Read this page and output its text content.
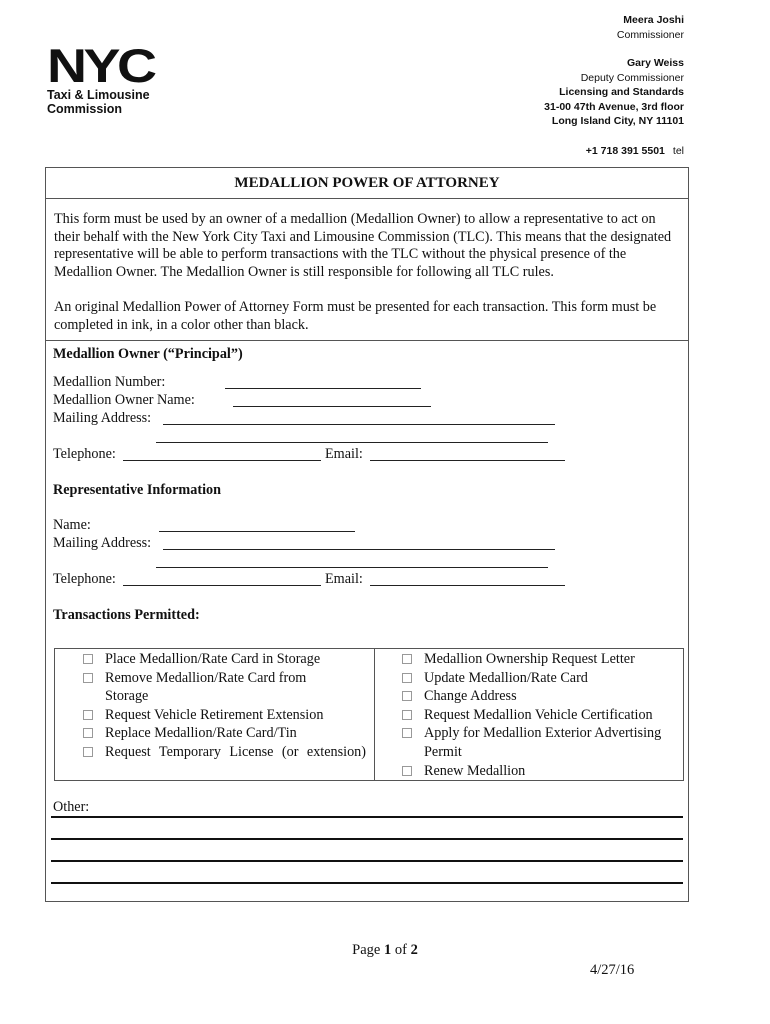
NYC
Taxi & Limousine
Commission
Meera Joshi
Commissioner
Gary Weiss
Deputy Commissioner
Licensing and Standards
31-00 47th Avenue, 3rd floor
Long Island City, NY 11101
+1 718 391 5501 tel
MEDALLION POWER OF ATTORNEY

This form must be used by an owner of a medallion (Medallion Owner) to allow a representative to act on their behalf with the New York City Taxi and Limousine Commission (TLC). This means that the designated representative will be able to perform transactions with the TLC without the physical presence of the Medallion Owner. The Medallion Owner is still responsible for following all TLC rules.

An original Medallion Power of Attorney Form must be presented for each transaction. This form must be completed in ink, in a color other than black.

Medallion Owner (“Principal”)
Medallion Number:
Medallion Owner Name:
Mailing Address:
Telephone:	Email:
Representative Information
Name:
Mailing Address:
Telephone:	Email:
Transactions Permitted:
Place Medallion/Rate Card in Storage
Remove Medallion/Rate Card from Storage
Request Vehicle Retirement Extension
Replace Medallion/Rate Card/Tin
Request Temporary License (or extension)
Medallion Ownership Request Letter
Update Medallion/Rate Card
Change Address
Request Medallion Vehicle Certification
Apply for Medallion Exterior Advertising Permit
Renew Medallion
Other:
Page 1 of 2
4/27/16
